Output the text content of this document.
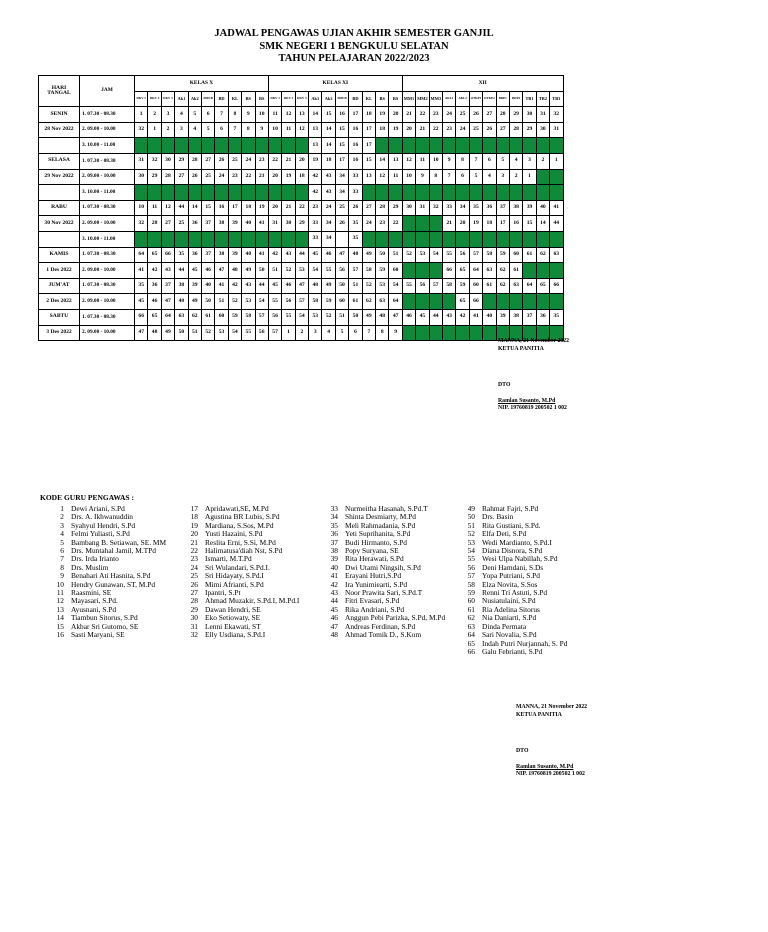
JADWAL PENGAWAS UJIAN AKHIR SEMESTER GANJIL
SMK NEGERI 1 BENGKULU SELATAN
TAHUN PELAJARAN 2022/2023
HARI
TANGAL	JAM	KELAS X										KELAS XI										XII											
		DKV 1	DKV 2	DKV 3	Ak1	Ak2	MPLB	BD	KL	BS	BS	DKV 1	DKV 2	DKV 3	Ak1	Ak2	MPLB	BD	KL	BS	BS	MM1	MM2	MM3	AKL1	AKL2	OTKP1	OTKP2	BDP1	BDP2	TB1	TB2	TB3
SENIN	1. 07.30 - 08.30	1	2	3	4	5	6	7	8	9	10	11	12	13	14	15	16	17	18	19	20	21	22	23	24	25	26	27	28	29	30	31	32
28 Nov 2022	2. 09.00 - 10.00	32	1	2	3	4	5	6	7	8	9	10	11	12	13	14	15	16	17	18	19	20	21	22	23	24	25	26	27	28	29	30	31
	3. 10.00 - 11.00														13	14	15	16	17														
SELASA	1. 07.30 - 08.30	31	32	30	29	28	27	26	25	24	23	22	21	20	19	18	17	16	15	14	13	12	11	10	9	8	7	6	5	4	3	2	1
29 Nov 2022	2. 09.00 - 10.00	30	29	28	27	26	25	24	23	22	21	20	19	18	42	43	34	33	13	12	11	10	9	8	7	6	5	4	3	2	1		
	3. 10.00 - 11.00														42	43	34	33															
RABU	1. 07.30 - 08.30	10	11	12	44	14	15	16	17	18	19	20	21	22	23	24	25	26	27	28	29	30	31	32	33	34	35	36	37	38	39	40	41
30 Nov 2022	2. 09.00 - 10.00	32	28	27	25	36	37	38	39	40	41	31	30	29	33	34	26	35	24	23	22				21	20	19	18	17	16	15	14	44
	3. 10.00 - 11.00														33	34		35															
KAMIS	1. 07.30 - 08.30	64	65	66	35	36	37	38	39	40	41	42	43	44	45	46	47	48	49	50	51	52	53	54	55	56	57	58	59	60	61	62	63
1 Des 2022	2. 09.00 - 10.00	41	42	43	44	45	46	47	48	49	50	51	52	53	54	55	56	57	58	59	60				66	65	64	63	62	61			
JUM'AT	1. 07.30 - 08.30	35	36	37	38	39	40	41	42	43	44	45	46	47	48	49	50	51	52	53	54	55	56	57	58	59	60	61	62	63	64	65	66
2 Des 2022	2. 09.00 - 10.00	45	46	47	48	49	50	51	52	53	54	55	56	57	58	59	60	61	62	63	64					65	66						
SABTU	1. 07.30 - 08.30	66	65	64	63	62	61	60	59	58	57	56	55	54	53	52	51	50	49	48	47	46	45	44	43	42	41	40	39	38	37	36	35
3 Des 2022	2. 09.00 - 10.00	47	48	49	50	51	52	53	54	55	56	57	1	2	3	4	5	6	7	8	9												
MANNA, 21 November 2022
KETUA PANITIA
DTO
Ramlan Susanto, M.Pd
NIP. 19760819 200502 1 002
KODE GURU PENGAWAS :
1 Dewi Ariani, S.Pd
2 Drs. A. Ikhwanuddin
3 Syahyul Hendri, S.Pd
4 Felmi Yuliasti, S.Pd
5 Bambang B. Setiawan, SE. MM
6 Drs. Muntahal Jamil, M.TPd
7 Drs. Irda Irianto
8 Drs. Muslim
9 Benahari Ati Hasnita, S.Pd
10 Hendry Gunawan, ST, M.Pd
11 Raasmini, SE
12 Mayasari, S.Pd.
13 Ayusnani, S.Pd
14 Tiambun Sitorus, S.Pd
15 Akbar Sri Gutomo, SE
16 Sasti Maryani, SE
17 Apridawati,SE, M.Pd
18 Agustina BR Lubis, S.Pd
19 Mardiana, S.Sos, M.Pd
20 Yusti Hazaini, S.Pd
21 Reslita Erni, S.Si, M.Pd
22 Halimatusa'diah Nst, S.Pd
23 Ismarti, M.T.Pd
24 Sri Wulandari, S.Pd.I.
25 Sri Hidayaty, S.Pd.I
26 Mimi Afrianti, S.Pd
27 Ipantri, S.Pt
28 Ahmad Muzakir, S.Pd.I, M.Pd.I
29 Dawan Hendri, SE
30 Eko Setiowaty, SE
31 Lenni Ekawati, ST
32 Elly Usdiana, S.Pd.I
33 Nurmeitha Hasanah, S.Pd.T
34 Shinta Desmiarty, M.Pd
35 Meli Rahmadania, S.Pd
36 Yeti Suprihanita, S.Pd
37 Budi Hirmanto, S.Pd
38 Popy Suryana, SE
39 Rita Herawati, S.Pd
40 Dwi Utami Ningsih, S.Pd
41 Erayani Hutri,S.Pd
42 Ira Yunimiearti, S.Pd
43 Noor Prawita Sari, S.Pd.T
44 Fitri Evasari, S.Pd
45 Rika Andriani, S.Pd
46 Anggun Pebi Parizka, S.Pd, M.Pd
47 Andreas Ferdinan, S.Pd
48 Ahmad Tomik D., S.Kom
49 Rahmat Fajri, S.Pd
50 Drs. Basin
51 Rita Gustiani, S.Pd.
52 Elfa Deti, S.Pd
53 Wedi Mardianto, S.Pd.I
54 Diana Disnora, S.Pd
55 Wesi Ulpa Nabillah, S.Pd
56 Deni Hamdani, S.Ds
57 Yopa Putriani, S.Pd
58 Elza Novita, S.Sos
59 Renni Tri Astuti, S.Pd
60 Nusiatulaini, S.Pd
61 Ria Adelina Sitorus
62 Nia Daniarti, S.Pd
63 Dinda Permata
64 Sari Novalia, S.Pd
65 Indah Putri Nurjannah, S. Pd
66 Galu Febrianti, S.Pd
MANNA, 21 November 2022
KETUA PANITIA
DTO
Ramlan Susanto, M.Pd
NIP. 19760819 200502 1 002
